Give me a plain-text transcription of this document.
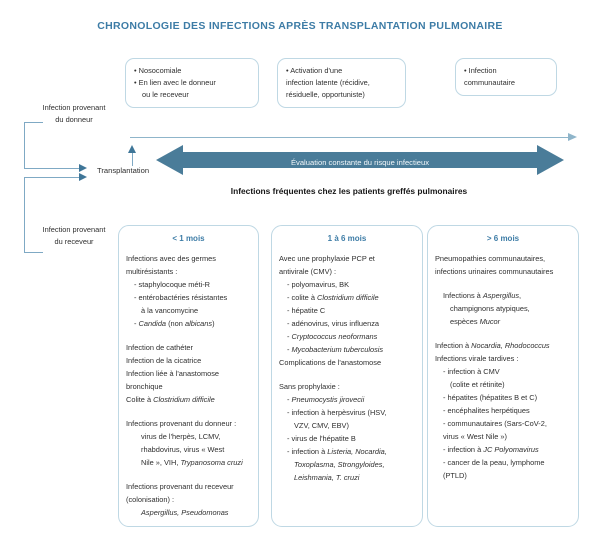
CHRONOLOGIE DES INFECTIONS APRÈS TRANSPLANTATION PULMONAIRE
• Nosocomiale
• En lien avec le donneur
ou le receveur
• Activation d'une
infection latente (récidive,
résiduelle, opportuniste)
• Infection
communautaire
Infection provenant
du donneur
Infection provenant
du receveur
Transplantation
Évaluation constante du risque infectieux
Infections fréquentes chez les patients greffés pulmonaires
< 1 mois
Infections avec des germes
multirésistants :
- staphylocoque méti-R
- entérobactéries résistantes
à la vancomycine
- Candida (non albicans)
Infection de cathéter
Infection de la cicatrice
Infection liée à l'anastomose
bronchique
Colite à Clostridium difficile
Infections provenant du donneur :
virus de l'herpès, LCMV,
rhabdovirus, virus « West
Nile », VIH, Trypanosoma cruzi
Infections provenant du receveur
(colonisation) :
Aspergillus, Pseudomonas
1 à 6 mois
Avec une prophylaxie PCP et
antivirale (CMV) :
- polyomavirus, BK
- colite à Clostridium difficile
- hépatite C
- adénovirus, virus influenza
- Cryptococcus neoformans
- Mycobacterium tuberculosis
Complications de l'anastomose
Sans prophylaxie :
- Pneumocystis jirovecii
- infection à herpèsvirus (HSV,
VZV, CMV, EBV)
- virus de l'hépatite B
- infection à Listeria, Nocardia,
Toxoplasma, Strongyloides,
Leishmania, T. cruzi
> 6 mois
Pneumopathies communautaires,
infections urinaires communautaires
Infections à Aspergillus,
champignons atypiques,
espèces Mucor
Infection à Nocardia, Rhodococcus
Infections virale tardives :
- infection à CMV
(colite et rétinite)
- hépatites (hépatites B et C)
- encéphalites herpétiques
- communautaires (Sars-CoV-2,
virus « West Nile »)
- infection à JC Polyomavirus
- cancer de la peau, lymphome
(PTLD)
